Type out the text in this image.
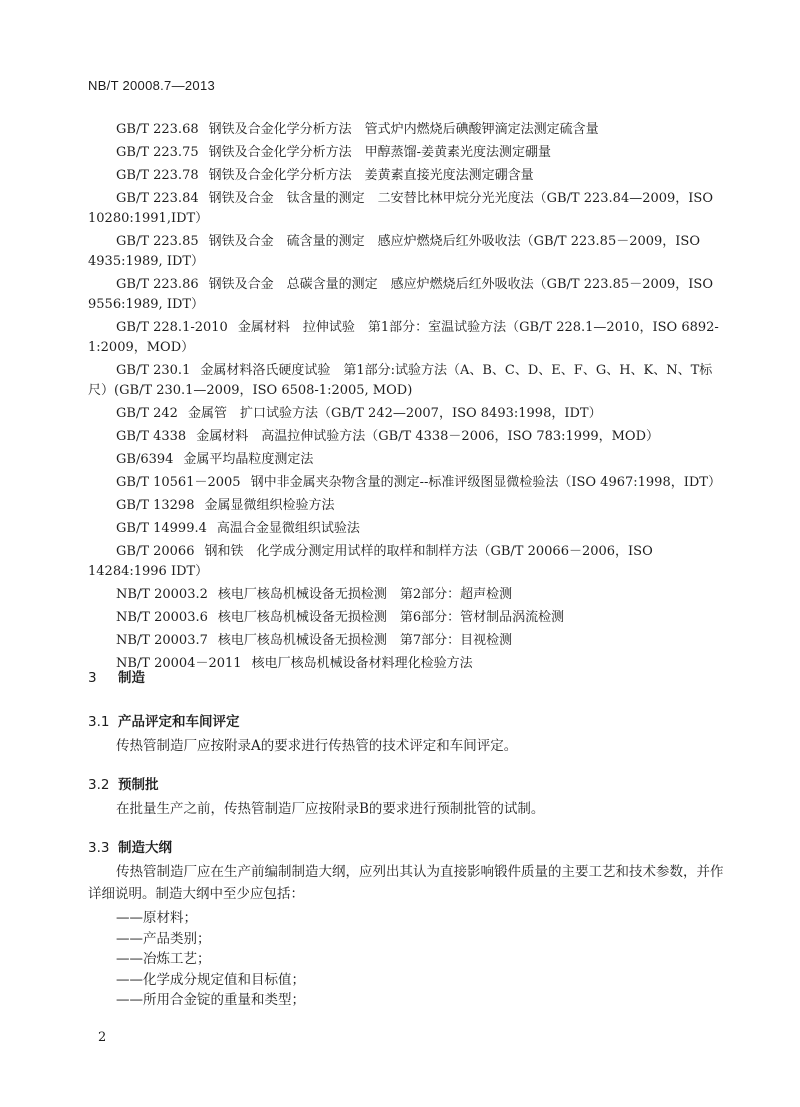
NB/T 20008.7—2013

GB/T 223.68 钢铁及合金化学分析方法　管式炉内燃烧后碘酸钾滴定法测定硫含量

GB/T 223.75 钢铁及合金化学分析方法　甲醇蒸馏-姜黄素光度法测定硼量

GB/T 223.78 钢铁及合金化学分析方法　姜黄素直接光度法测定硼含量

GB/T 223.84 钢铁及合金　钛含量的测定　二安替比林甲烷分光光度法（GB/T 223.84—2009，ISO 10280:1991,IDT）

GB/T 223.85 钢铁及合金　硫含量的测定　感应炉燃烧后红外吸收法（GB/T 223.85－2009，ISO 4935:1989, IDT）

GB/T 223.86 钢铁及合金　总碳含量的测定　感应炉燃烧后红外吸收法（GB/T 223.85－2009，ISO 9556:1989, IDT）

GB/T 228.1-2010 金属材料　拉伸试验　第1部分：室温试验方法（GB/T 228.1—2010，ISO 6892-1:2009，MOD）

GB/T 230.1 金属材料洛氏硬度试验　第1部分:试验方法（A、B、C、D、E、F、G、H、K、N、T标尺）(GB/T 230.1—2009，ISO 6508-1:2005, MOD)

GB/T 242 金属管　扩口试验方法（GB/T 242—2007，ISO 8493:1998，IDT）

GB/T 4338 金属材料　高温拉伸试验方法（GB/T 4338－2006，ISO 783:1999，MOD）

GB/6394 金属平均晶粒度测定法

GB/T 10561－2005 钢中非金属夹杂物含量的测定--标准评级图显微检验法（ISO 4967:1998，IDT）

GB/T 13298 金属显微组织检验方法

GB/T 14999.4 高温合金显微组织试验法

GB/T 20066 钢和铁　化学成分测定用试样的取样和制样方法（GB/T 20066－2006，ISO 14284:1996 IDT）

NB/T 20003.2 核电厂核岛机械设备无损检测　第2部分：超声检测

NB/T 20003.6 核电厂核岛机械设备无损检测　第6部分：管材制品涡流检测

NB/T 20003.7 核电厂核岛机械设备无损检测　第7部分：目视检测

NB/T 20004－2011 核电厂核岛机械设备材料理化检验方法

3 制造
3.1 产品评定和车间评定

传热管制造厂应按附录A的要求进行传热管的技术评定和车间评定。

3.2 预制批

在批量生产之前，传热管制造厂应按附录B的要求进行预制批管的试制。

3.3 制造大纲

传热管制造厂应在生产前编制制造大纲，应列出其认为直接影响锻件质量的主要工艺和技术参数，并作详细说明。制造大纲中至少应包括：

——原材料；
——产品类别；
——冶炼工艺；
——化学成分规定值和目标值；
——所用合金锭的重量和类型；
2
